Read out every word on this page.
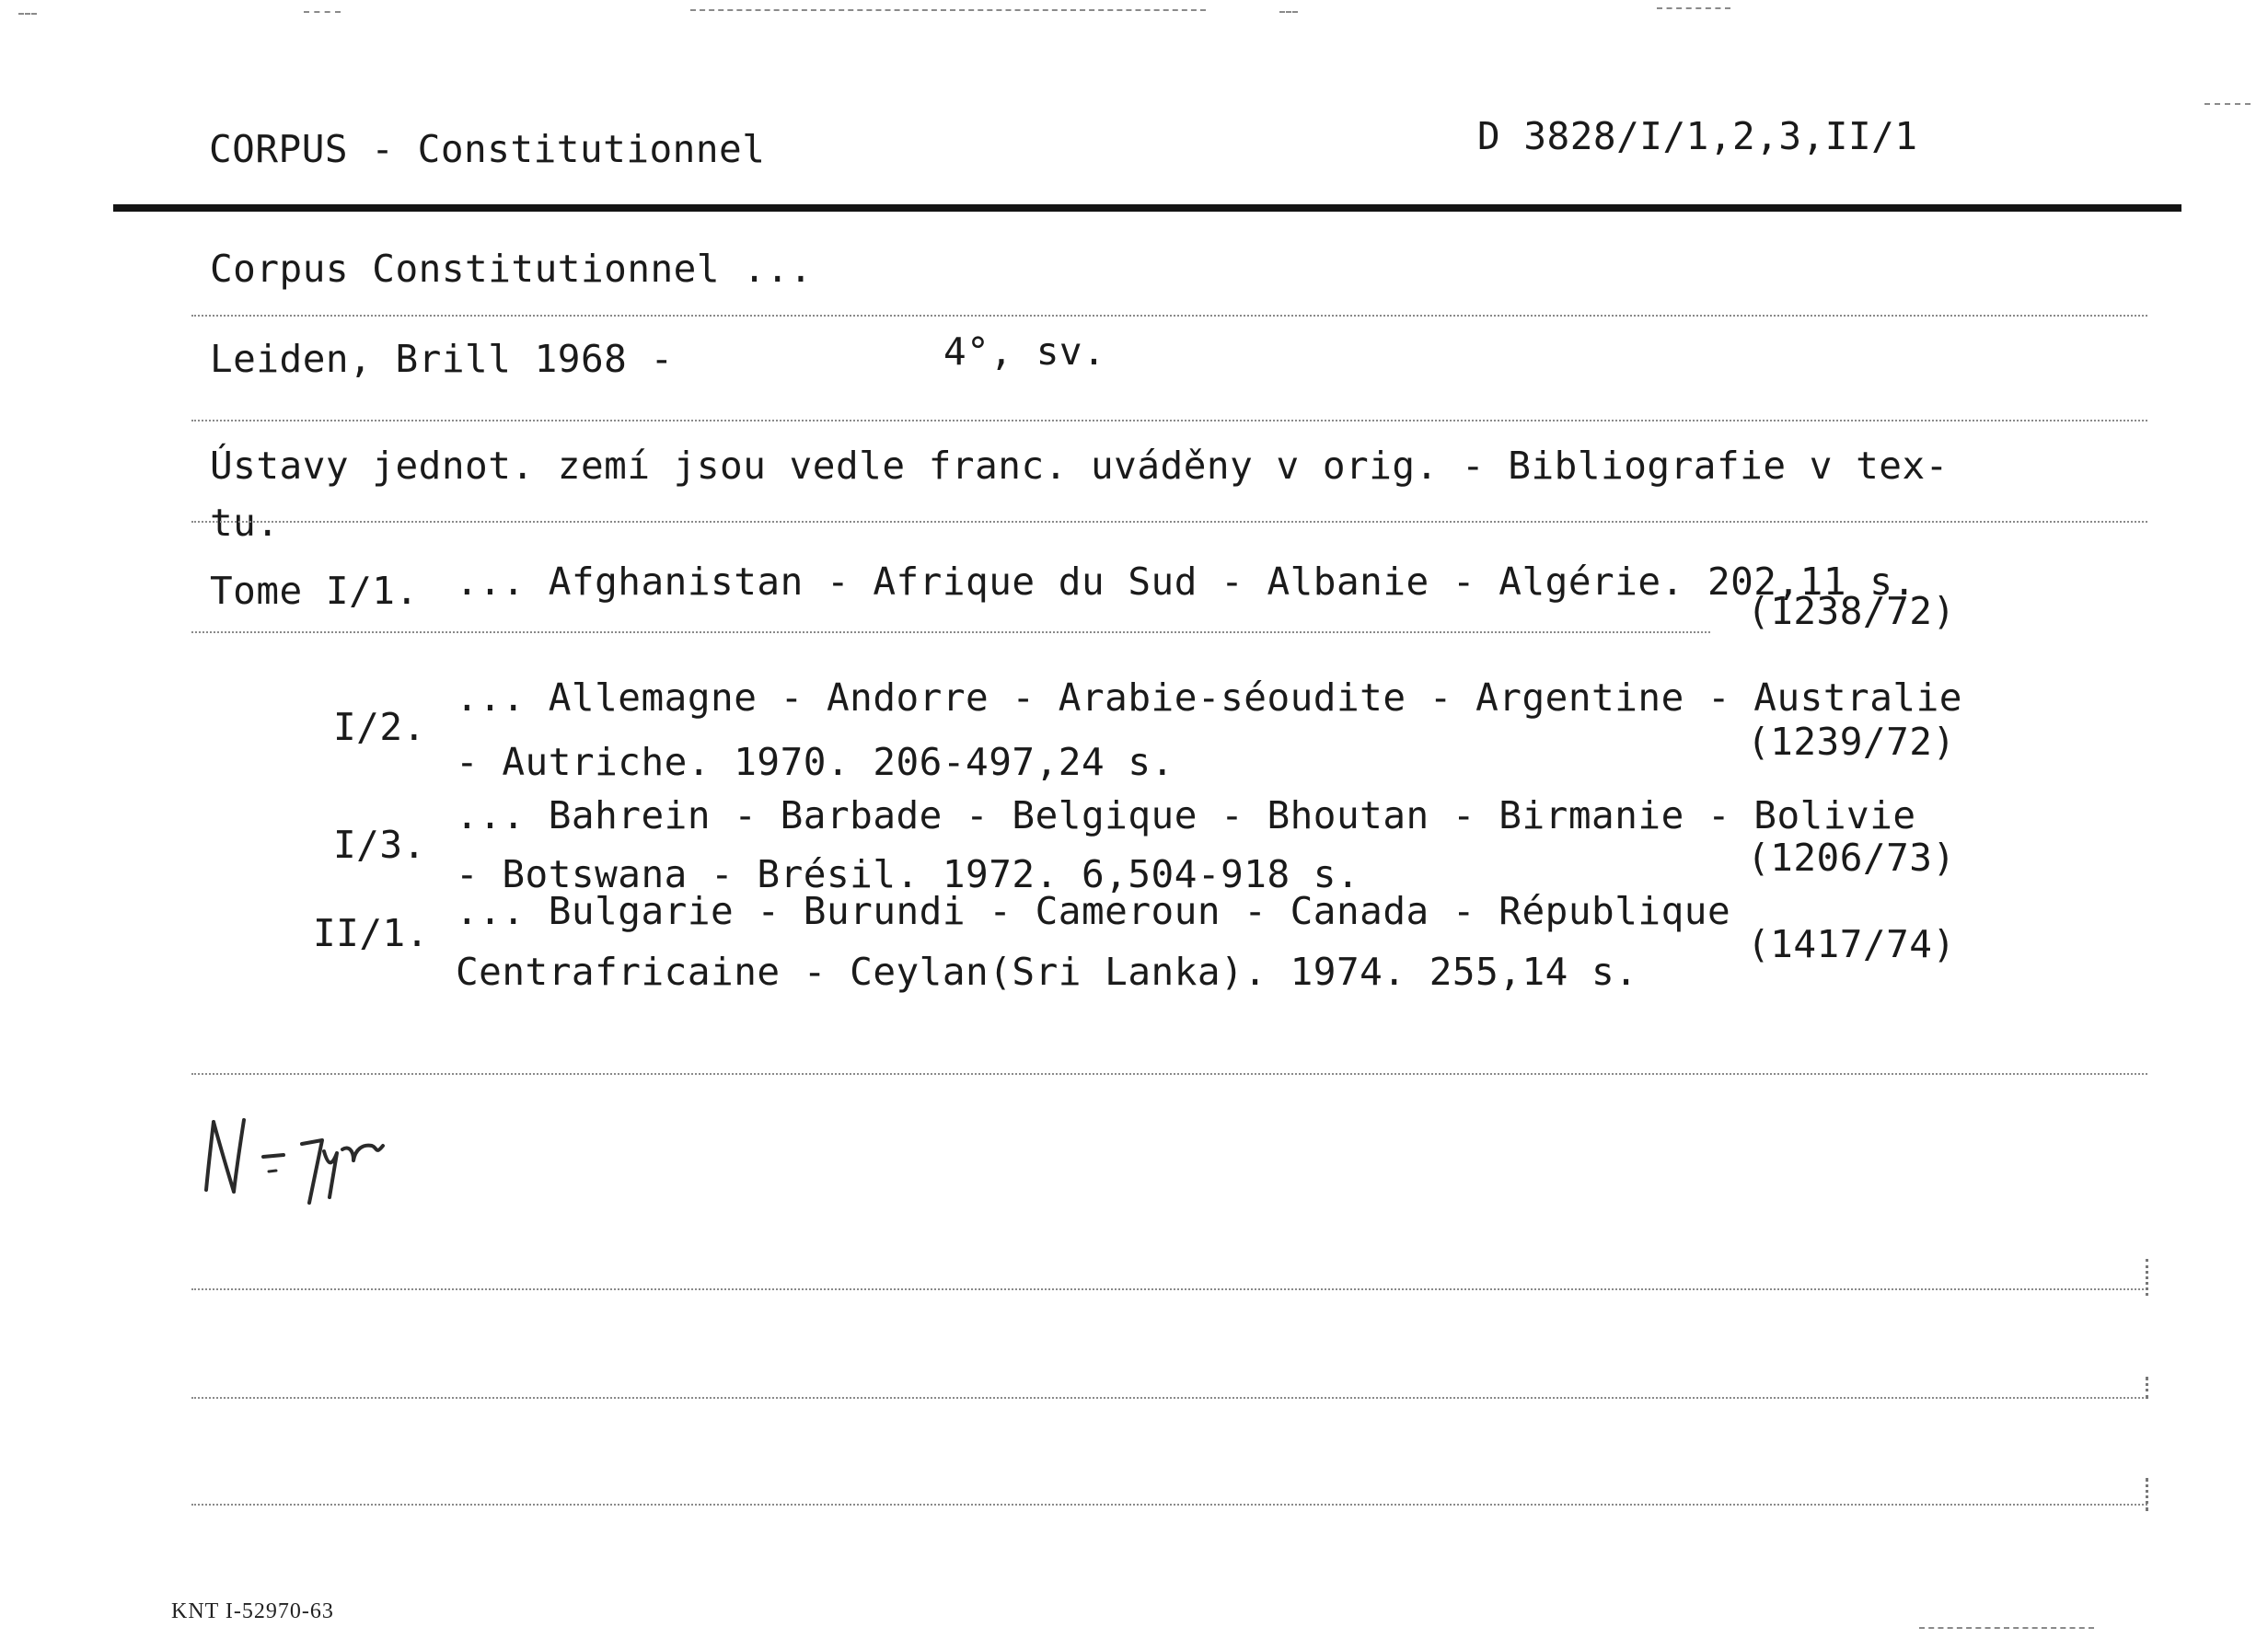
CORPUS - Constitutionnel	D 3828/I/1,2,3,II/1
Corpus Constitutionnel ...
Leiden, Brill 1968 -	4°, sv.
Ústavy jednot. zemí jsou vedle franc. uváděny v orig. - Bibliografie v tex-
tu.
Tome I/1. ... Afghanistan - Afrique du Sud - Albanie - Algérie. 202,11 s.
(1238/72)
I/2.
... Allemagne - Andorre - Arabie-séoudite - Argentine - Australie
- Autriche. 1970. 206-497,24 s.	(1239/72)
I/3.
... Bahrein - Barbade - Belgique - Bhoutan - Birmanie - Bolivie
- Botswana - Brésil. 1972. 6,504-918 s.	(1206/73)
II/1. ... Bulgarie - Burundi - Cameroun - Canada - République
Centrafricaine - Ceylan(Sri Lanka). 1974. 255,14 s.
(1417/74)
KNT I-52970-63
